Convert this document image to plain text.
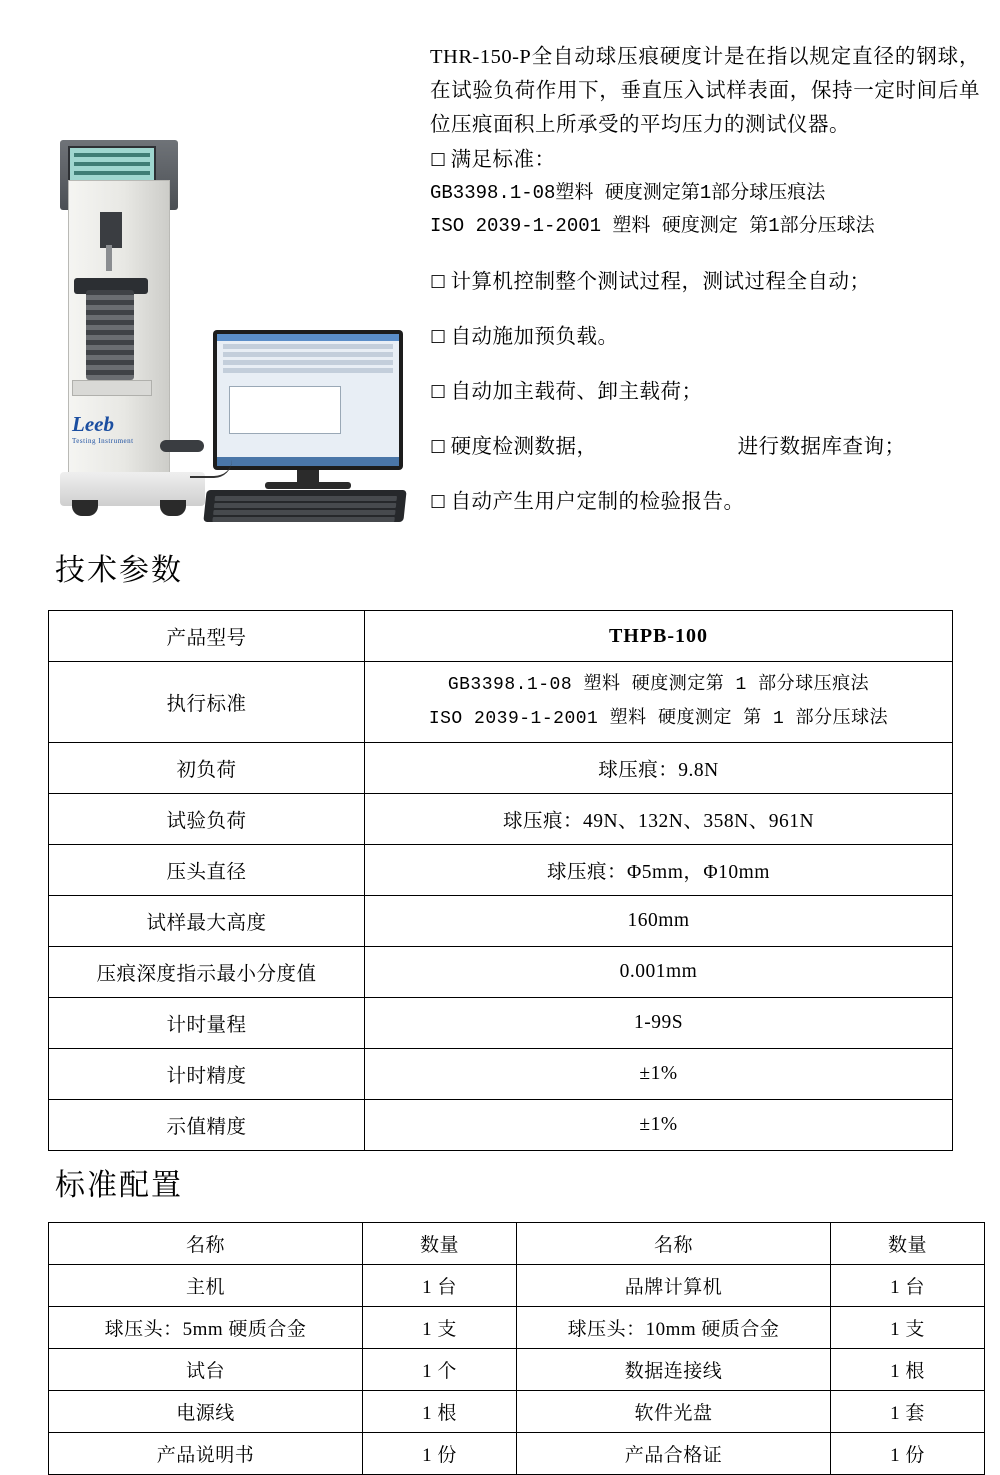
Leeb
Testing Instrument

THR-150-P全自动球压痕硬度计是在指以规定直径的钢球，在试验负荷作用下，垂直压入试样表面，保持一定时间后单位压痕面积上所承受的平均压力的测试仪器。

□ 满足标准：

GB3398.1-08塑料 硬度测定第1部分球压痕法

ISO 2039-1-2001 塑料 硬度测定 第1部分压球法

□ 计算机控制整个测试过程，测试过程全自动；

□ 自动施加预负载。

□ 自动加主载荷、卸主载荷；

□ 硬度检测数据，	进行数据库查询；

□ 自动产生用户定制的检验报告。

技术参数
产品型号	THPB-100
执行标准	GB3398.1-08 塑料 硬度测定第 1 部分球压痕法
ISO 2039-1-2001 塑料 硬度测定 第 1 部分压球法

初负荷	球压痕：9.8N
试验负荷	球压痕：49N、132N、358N、961N
压头直径	球压痕：Φ5mm，Φ10mm
试样最大高度	160mm
压痕深度指示最小分度值	0.001mm
计时量程	1-99S
计时精度	±1%
示值精度	±1%
标准配置
名称	数量	名称	数量
主机	1 台	品牌计算机	1 台
球压头：5mm 硬质合金	1 支	球压头：10mm 硬质合金	1 支
试台	1 个	数据连接线	1 根
电源线	1 根	软件光盘	1 套
产品说明书	1 份	产品合格证	1 份
